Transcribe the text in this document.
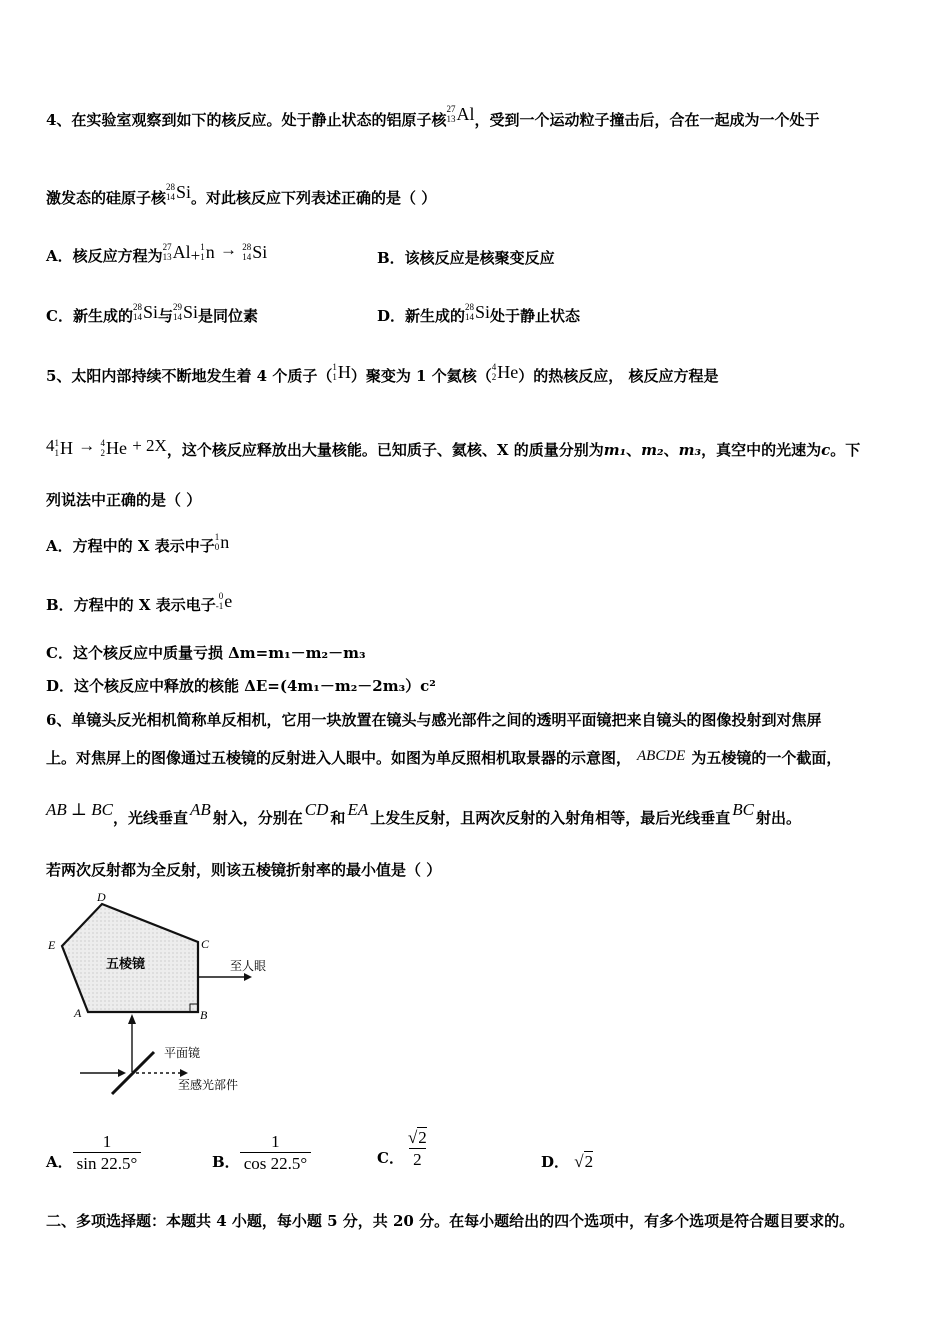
4、在实验室观察到如下的核反应。处于静止状态的铝原子核
27
13 Al，受到一个运动粒子撞击后，合在一起成为一个处于
激发态的硅原子核
28
14 Si。对此核反应下列表述正确的是（ ）
A．核反应方程为
27
13 Al+ 1
1 n → 28
14 Si	B．该核反应是核聚变反应
C．新生成的
28
14 Si与
29
14 Si是同位素	D．新生成的
28
14 Si处于静止状态
5、太阳内部持续不断地发生着 4 个质子（
1
1 H）聚变为 1 个氦核（
4
2 He）的热核反应， 核反应方程是
4 1
1 H → 4
2 He + 2X，这个核反应释放出大量核能。已知质子、氦核、X 的质量分别为m₁、m₂、m₃，真空中的光速为c。下
列说法中正确的是（ ）
A．方程中的 X 表示中子
1
0 n
B．方程中的 X 表示电子
0
-1 e
C．这个核反应中质量亏损 Δm=m₁－m₂－m₃
D．这个核反应中释放的核能 ΔE=(4m₁－m₂－2m₃）c²
6、单镜头反光相机简称单反相机，它用一块放置在镜头与感光部件之间的透明平面镜把来自镜头的图像投射到对焦屏
上。对焦屏上的图像通过五棱镜的反射进入人眼中。如图为单反照相机取景器的示意图， ABCDE 为五棱镜的一个截面，
AB ⊥ BC，光线垂直 AB 射入，分别在 CD 和 EA 上发生反射，且两次反射的入射角相等，最后光线垂直 BC 射出。
若两次反射都为全反射，则该五棱镜折射率的最小值是（ ）
D
E	C
A	B
五棱镜	至人眼
平面镜
至感光部件
A． $\frac{1}{\sin 22.5^\circ}$	B． $\frac{1}{\cos 22.5^\circ}$	C． $\frac{√2}{2}$	D． √2
二、多项选择题：本题共 4 小题，每小题 5 分，共 20 分。在每小题给出的四个选项中，有多个选项是符合题目要求的。
